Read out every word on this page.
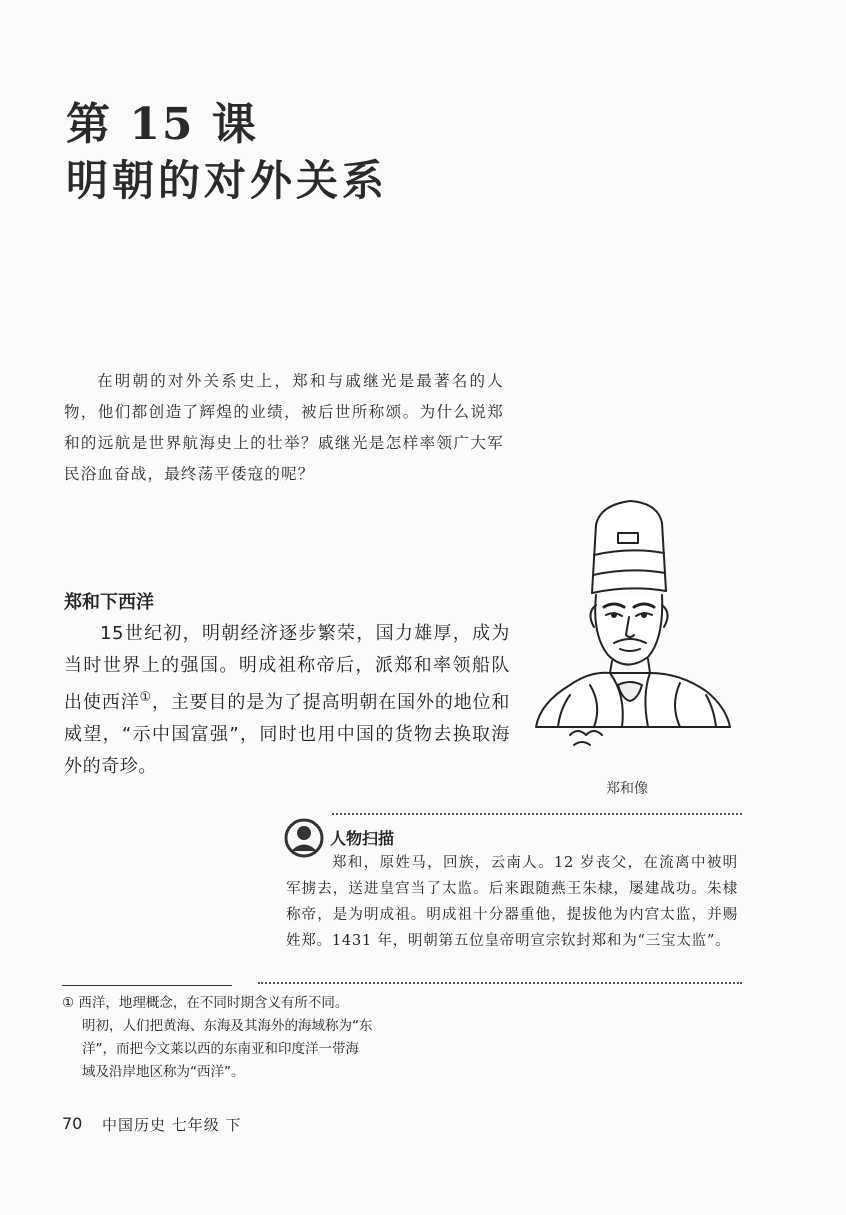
第 15 课
明朝的对外关系

在明朝的对外关系史上，郑和与戚继光是最著名的人物，他们都创造了辉煌的业绩，被后世所称颂。为什么说郑和的远航是世界航海史上的壮举？戚继光是怎样率领广大军民浴血奋战，最终荡平倭寇的呢？

郑和下西洋

15世纪初，明朝经济逐步繁荣，国力雄厚，成为当时世界上的强国。明成祖称帝后，派郑和率领船队出使西洋①，主要目的是为了提高明朝在国外的地位和威望，“示中国富强”，同时也用中国的货物去换取海外的奇珍。

郑和像
人物扫描

郑和，原姓马，回族，云南人。12 岁丧父，在流离中被明军掳去，送进皇宫当了太监。后来跟随燕王朱棣，屡建战功。朱棣称帝，是为明成祖。明成祖十分器重他，提拔他为内宫太监，并赐姓郑。1431 年，明朝第五位皇帝明宣宗钦封郑和为“三宝太监”。

① 西洋，地理概念，在不同时期含义有所不同。
明初，人们把黄海、东海及其海外的海域称为“东
洋”，而把今文莱以西的东南亚和印度洋一带海
域及沿岸地区称为“西洋”。
70 中国历史 七年级 下
